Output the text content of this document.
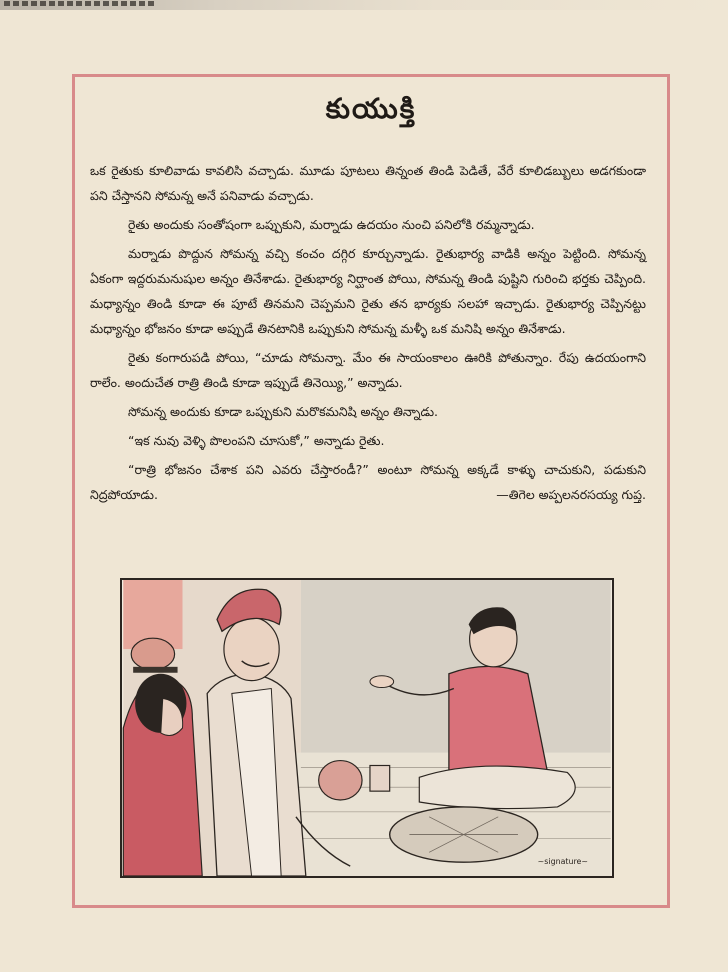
కుయుక్తి

ఒక రైతుకు కూలివాడు కావలిసి వచ్చాడు. మూడు పూటలు తిన్నంత తిండి పెడితే, వేరే కూలిడబ్బులు అడగకుండా పని చేస్తానని సోమన్న అనే పనివాడు వచ్చాడు.

రైతు అందుకు సంతోషంగా ఒప్పుకుని, మర్నాడు ఉదయం నుంచి పనిలోకి రమ్మన్నాడు.

మర్నాడు పొద్దున సోమన్న వచ్చి కంచం దగ్గిర కూర్చున్నాడు. రైతుభార్య వాడికి అన్నం పెట్టింది. సోమన్న ఏకంగా ఇద్దరుమనుషుల అన్నం తినేశాడు. రైతుభార్య నిర్ఘాంత పోయి, సోమన్న తిండి పుష్టిని గురించి భర్తకు చెప్పింది. మధ్యాన్నం తిండి కూడా ఈ పూటే తినమని చెప్పమని రైతు తన భార్యకు సలహా ఇచ్చాడు. రైతుభార్య చెప్పినట్టు మధ్యాన్నం భోజనం కూడా అప్పుడే తినటానికి ఒప్పుకుని సోమన్న మళ్ళీ ఒక మనిషి అన్నం తినేశాడు.

రైతు కంగారుపడి పోయి, “చూడు సోమన్నా. మేం ఈ సాయంకాలం ఊరికి పోతున్నాం. రేపు ఉదయంగాని రాలేం. అందుచేత రాత్రి తిండి కూడా ఇప్పుడే తినెయ్యి,” అన్నాడు.

సోమన్న అందుకు కూడా ఒప్పుకుని మరొకమనిషి అన్నం తిన్నాడు.

“ఇక నువు వెళ్ళి పొలంపని చూసుకో,” అన్నాడు రైతు.

“రాత్రి భోజనం చేశాక పని ఎవరు చేస్తారండీ?” అంటూ సోమన్న అక్కడే కాళ్ళు చాచుకుని, పడుకుని నిద్రపోయాడు.	—తిగెల అప్పలనరసయ్య గుప్త.

~signature~
